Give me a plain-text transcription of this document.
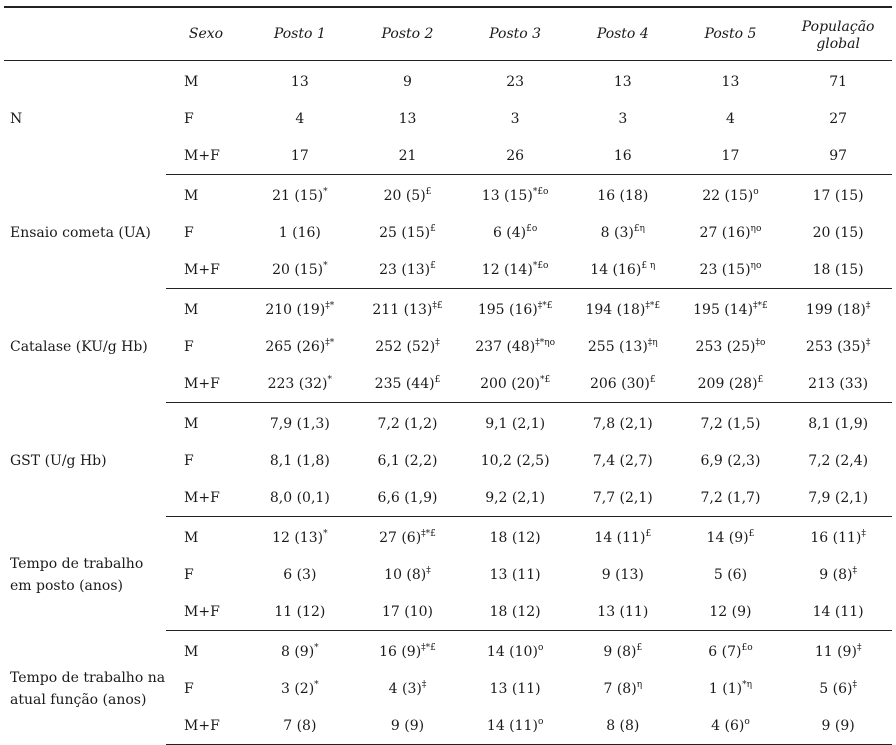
	Sexo	Posto 1	Posto 2	Posto 3	Posto 4	Posto 5	População global
N	M	13	9	23	13	13	71
	F	4	13	3	3	4	27
	M+F	17	21	26	16	17	97
Ensaio cometa (UA)	M	21 (15)*	20 (5)£	13 $(15)^{*£o}$	16 (18)	22 $(15)^o$	17 (15)
	F	1 (16)	25 (15)£	6 $(4)^{£o}$	8 $(3)^{£\eta}$	27 $(16)^{\eta o}$	20 (15)
	M+F	20 (15)*	23 (13)£	12 $(14)^{*£o}$	14 $(16)^{£ \eta}$	23 $(15)^{\eta o}$	18 (15)
Catalase (KU/g Hb)	M	210 (19)‡*	211 (13)‡£	195 (16)‡*£	194 (18)‡*£	195 (14)‡*£	199 (18)‡
	F	265 (26)‡*	252 (52)‡	237 $(48)^{\ddagger*\eta o}$	255 $(13)^{\ddagger\eta}$	253 $(25)^{\ddagger o}$	253 (35)‡
	M+F	223 (32)*	235 (44)£	200 (20)*£	206 (30)£	209 (28)£	213 (33)
GST (U/g Hb)	M	7,9 (1,3)	7,2 (1,2)	9,1 (2,1)	7,8 (2,1)	7,2 (1,5)	8,1 (1,9)
	F	8,1 (1,8)	6,1 (2,2)	10,2 (2,5)	7,4 (2,7)	6,9 (2,3)	7,2 (2,4)
	M+F	8,0 (0,1)	6,6 (1,9)	9,2 (2,1)	7,7 (2,1)	7,2 (1,7)	7,9 (2,1)
Tempo de trabalho em posto (anos)	M	12 (13)*	27 (6)‡*£	18 (12)	14 (11)£	14 (9)£	16 (11)‡
	F	6 (3)	10 (8)‡	13 (11)	9 (13)	5 (6)	9 (8)‡
	M+F	11 (12)	17 (10)	18 (12)	13 (11)	12 (9)	14 (11)
Tempo de trabalho na atual função (anos)	M	8 (9)*	16 (9)‡*£	14 $(10)^o$	9 (8)£	6 $(7)^{£o}$	11 (9)‡
	F	3 (2)*	4 (3)‡	13 (11)	7 $(8)^\eta$	1 $(1)^{*\eta}$	5 (6)‡
	M+F	7 (8)	9 (9)	14 $(11)^o$	8 (8)	4 $(6)^o$	9 (9)
